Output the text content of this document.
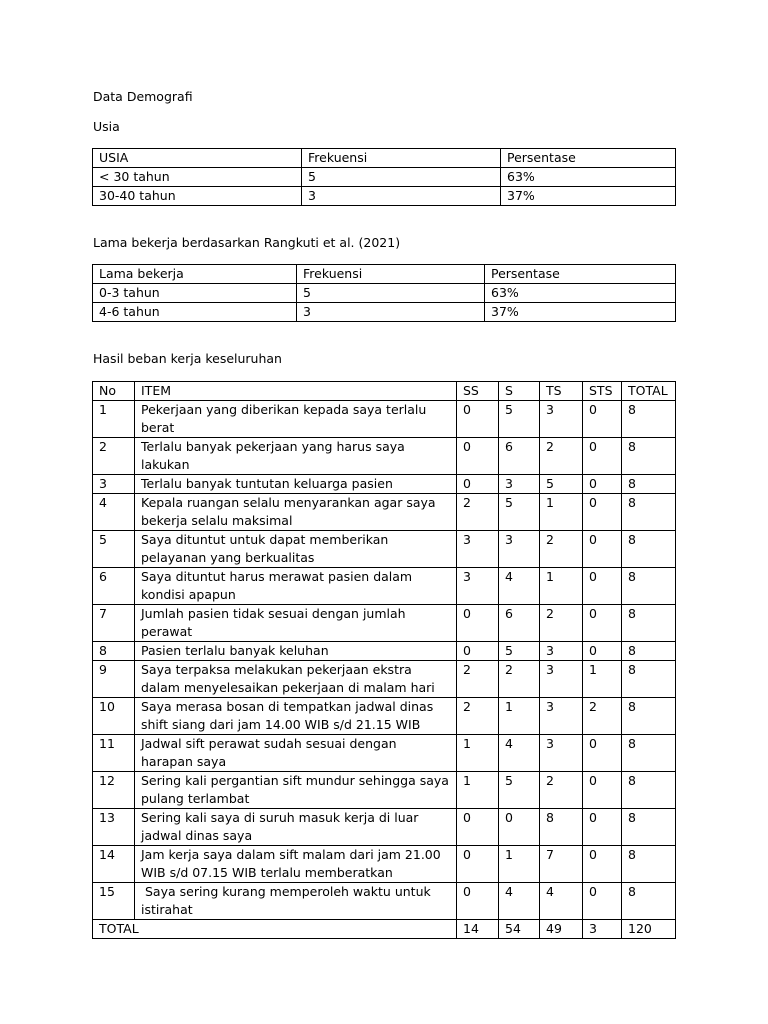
Data Demografi
Usia
USIA	Frekuensi	Persentase
< 30 tahun	5	63%
30-40 tahun	3	37%
Lama bekerja berdasarkan Rangkuti et al. (2021)
Lama bekerja	Frekuensi	Persentase
0-3 tahun	5	63%
4-6 tahun	3	37%
Hasil beban kerja keseluruhan
No	ITEM	SS	S	TS	STS	TOTAL
1	Pekerjaan yang diberikan kepada saya terlalu berat	0	5	3	0	8
2	Terlalu banyak pekerjaan yang harus saya lakukan	0	6	2	0	8
3	Terlalu banyak tuntutan keluarga pasien	0	3	5	0	8
4	Kepala ruangan selalu menyarankan agar saya bekerja selalu maksimal	2	5	1	0	8
5	Saya dituntut untuk dapat memberikan pelayanan yang berkualitas	3	3	2	0	8
6	Saya dituntut harus merawat pasien dalam kondisi apapun	3	4	1	0	8
7	Jumlah pasien tidak sesuai dengan jumlah perawat	0	6	2	0	8
8	Pasien terlalu banyak keluhan	0	5	3	0	8
9	Saya terpaksa melakukan pekerjaan ekstra dalam menyelesaikan pekerjaan di malam hari	2	2	3	1	8
10	Saya merasa bosan di tempatkan jadwal dinas shift siang dari jam 14.00 WIB s/d 21.15 WIB	2	1	3	2	8
11	Jadwal sift perawat sudah sesuai dengan harapan saya	1	4	3	0	8
12	Sering kali pergantian sift mundur sehingga saya pulang terlambat	1	5	2	0	8
13	Sering kali saya di suruh masuk kerja di luar jadwal dinas saya	0	0	8	0	8
14	Jam kerja saya dalam sift malam dari jam 21.00 WIB s/d 07.15 WIB terlalu memberatkan	0	1	7	0	8
15	Saya sering kurang memperoleh waktu untuk istirahat	0	4	4	0	8
TOTAL		14	54	49	3	120
